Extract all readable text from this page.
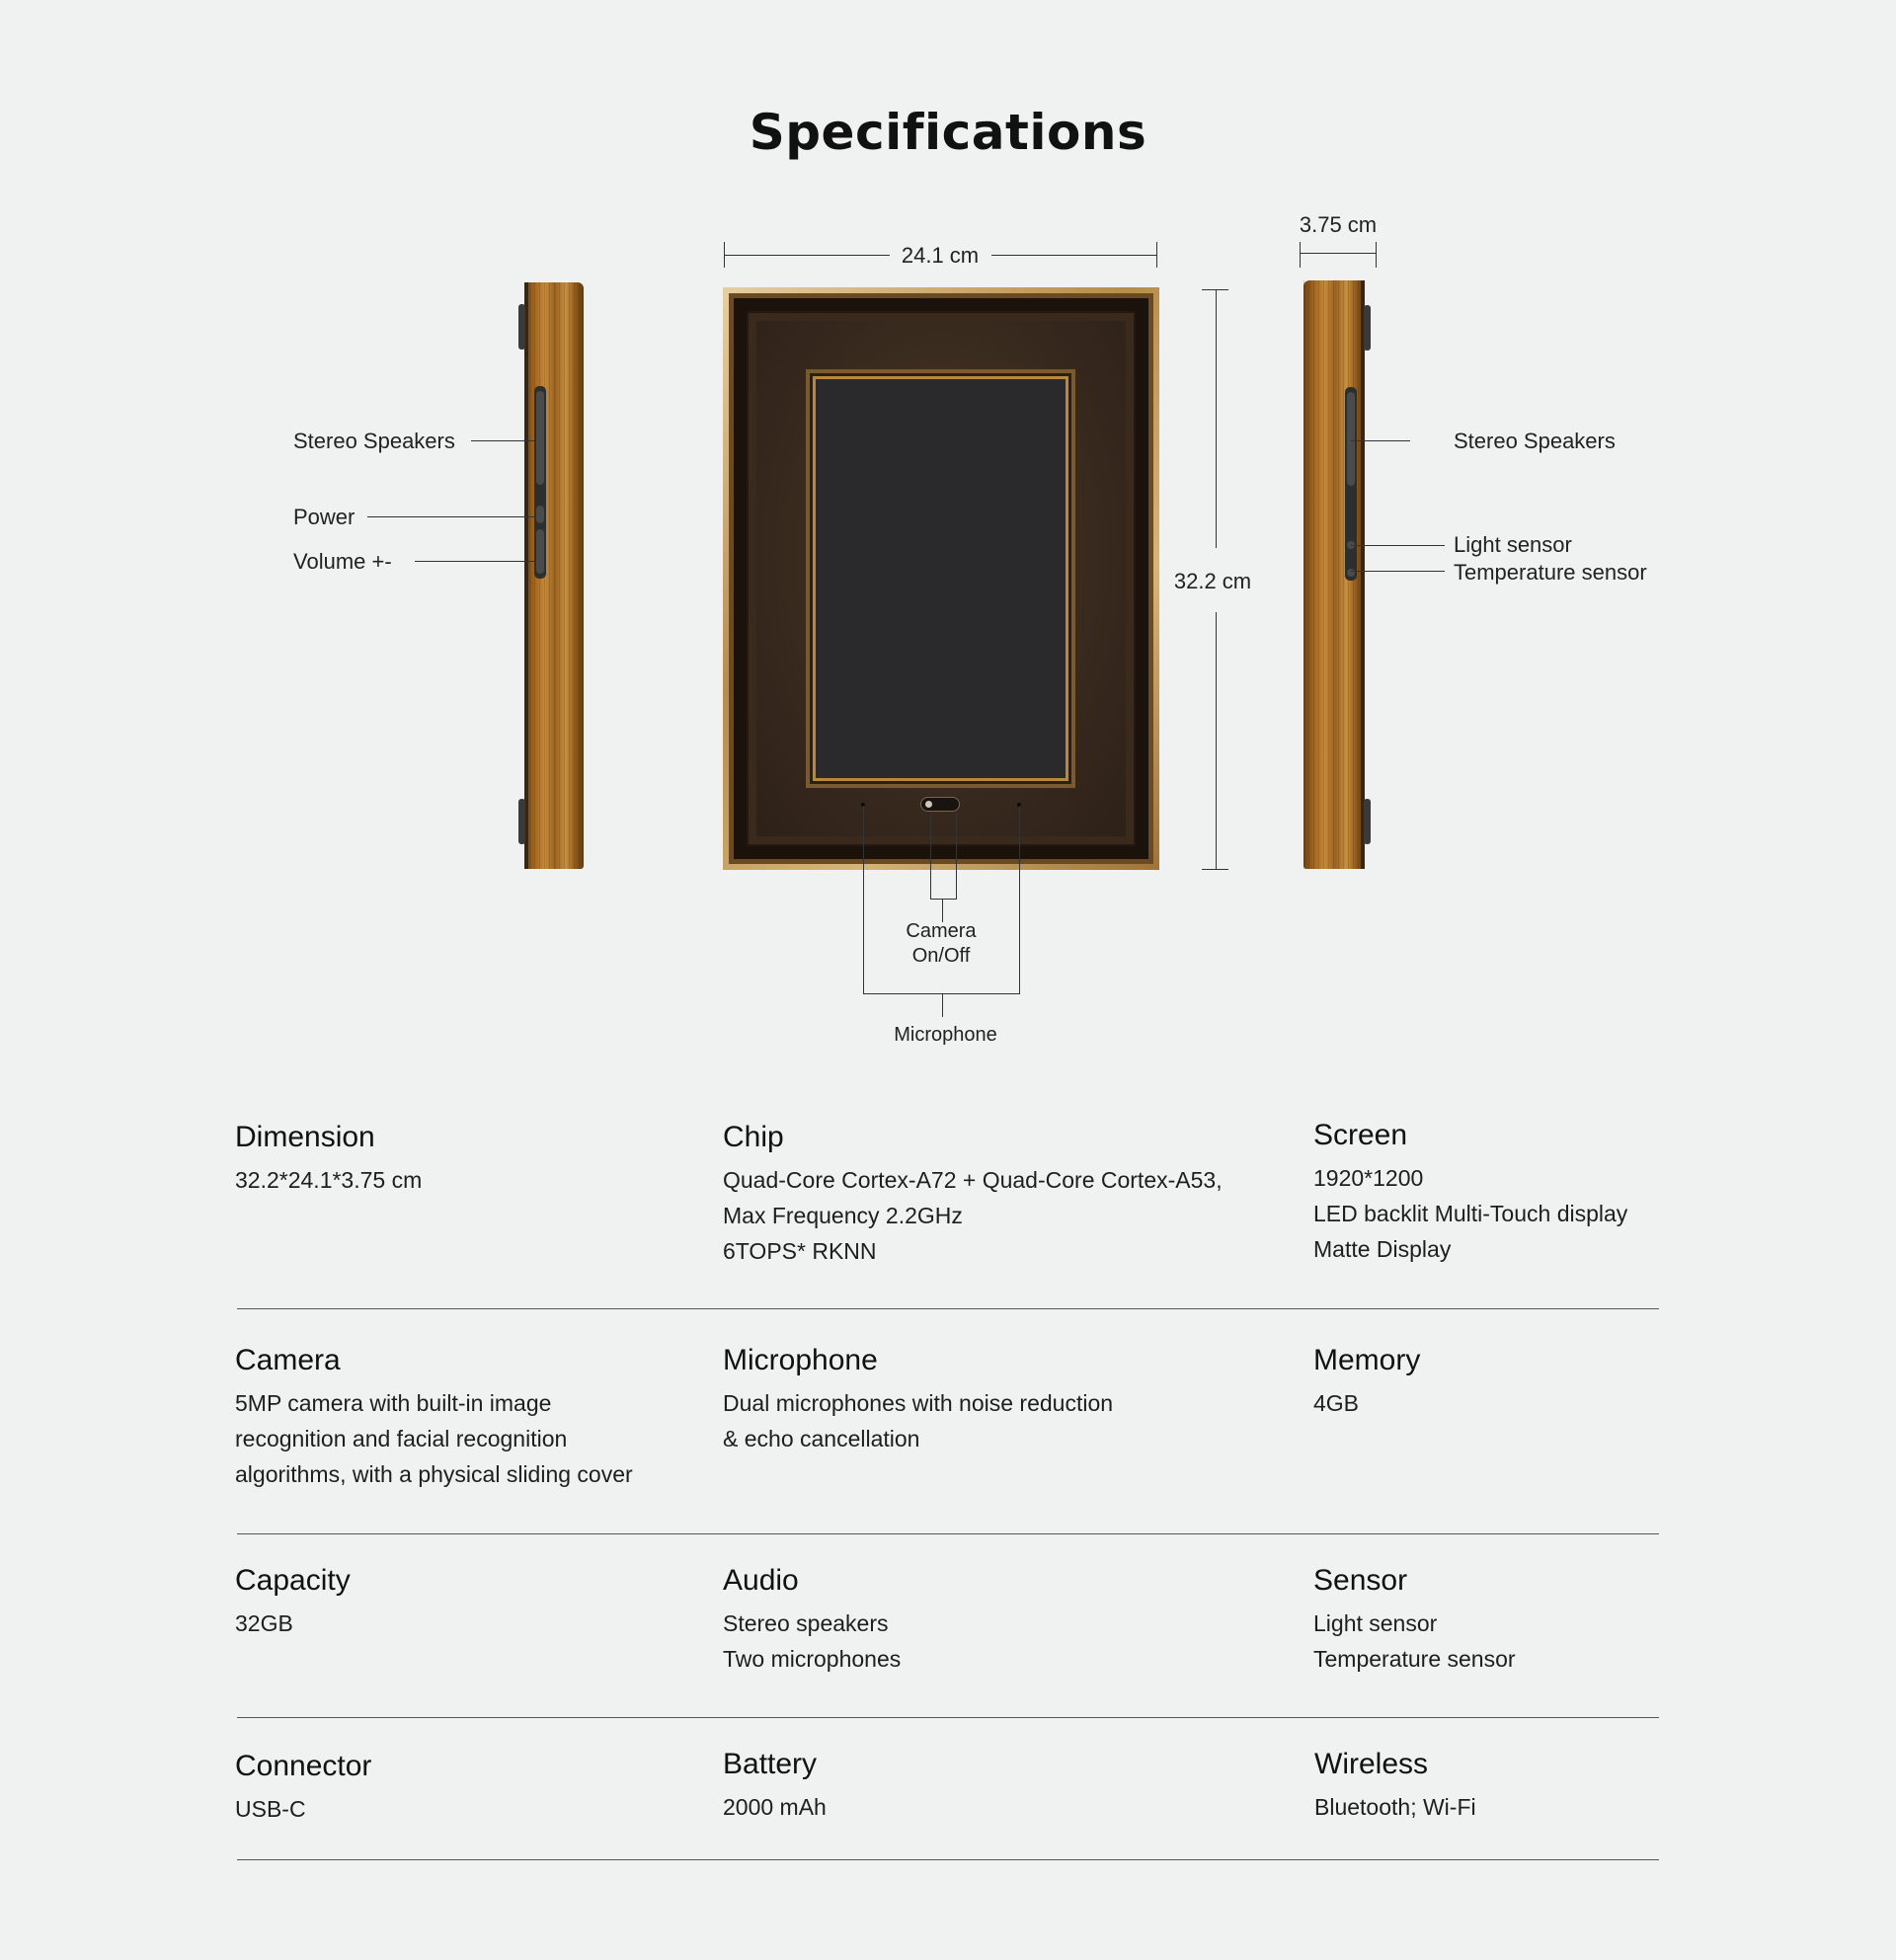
Specifications
24.1 cm
3.75 cm
32.2 cm
Stereo Speakers
Power
Volume +-
Camera
On/Off
Microphone
Stereo Speakers
Light sensor
Temperature sensor
Dimension
32.2*24.1*3.75 cm
Chip
Quad-Core Cortex-A72 + Quad-Core Cortex-A53,
Max Frequency 2.2GHz
6TOPS* RKNN
Screen
1920*1200
LED backlit Multi-Touch display
Matte Display
Camera
5MP camera with built-in image
recognition and facial recognition
algorithms, with a physical sliding cover
Microphone
Dual microphones with noise reduction
& echo cancellation
Memory
4GB
Capacity
32GB
Audio
Stereo speakers
Two microphones
Sensor
Light sensor
Temperature sensor
Connector
USB-C
Battery
2000 mAh
Wireless
Bluetooth; Wi-Fi
